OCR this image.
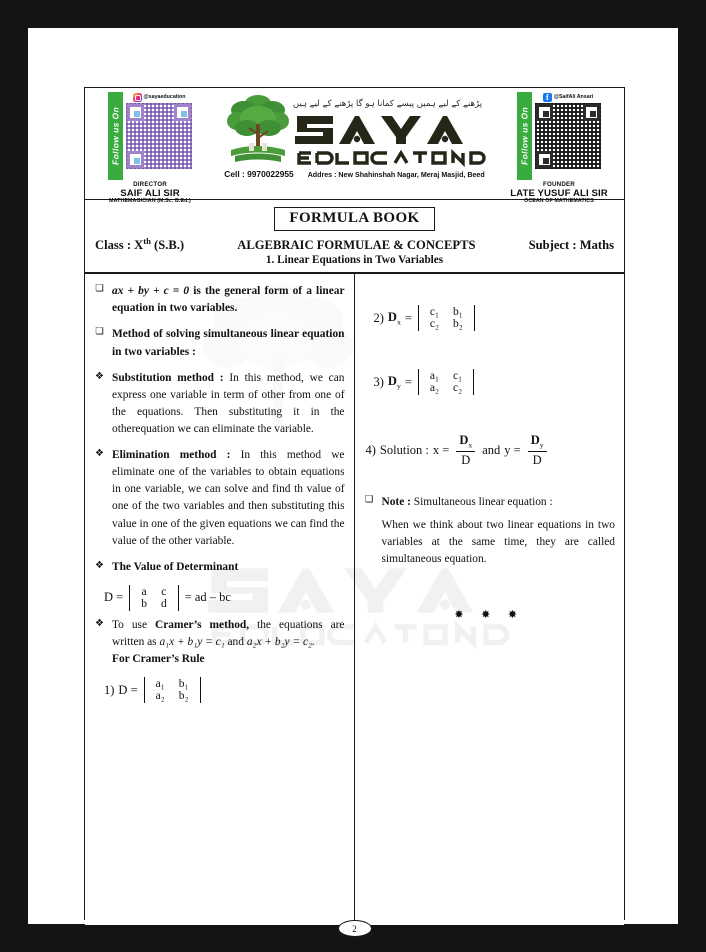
Follow us On
@sayaeducation
DIRECTOR
SAIF ALI SIR
MATHEMAGICIAN (M.Sc. B.Ed.)
پڑھنے کے لیے ہمیں پیسے کمانا ہو گا پڑھنے کے لیے ہیں
Cell : 9970022955 Addres : New Shahinshah Nagar, Meraj Masjid, Beed
Follow us On
f @SaifAli Ansari
FOUNDER
LATE YUSUF ALI SIR
OCEAN OF MATHEMATICS
FORMULA BOOK
Class : Xth (S.B.)	ALGEBRAIC FORMULAE & CONCEPTS	Subject : Maths
1. Linear Equations in Two Variables
❏ ax + by + c = 0 is the general form of a linear equation in two variables.
❏ Method of solving simultaneous linear equation in two variables :
❖ Substitution method : In this method, we can express one variable in term of other from one of the equations. Then substituting it in the otherequation we can eliminate the variable.
❖ Elimination method : In this method we eliminate one of the variables to obtain equations in one variable, we can solve and find th value of one of the two variables and then substituting this value in one of the given equations we can find the value of the other variable.
❖ The Value of Determinant
D = a	c
b	d = ad – bc
❖ To use Cramer’s method, the equations are written as a₁x + b₁y = c₁ and a₂x + b₂y = c₂.
For Cramer’s Rule
1) D = a₁	b₁
a₂	b₂
2) $D_x = c_1$	b₁
c₂	b₂
3) $D_y = a_1$	c₁
a₂	c₂
4) Solution : $x = \frac{D_x}{D}$ and $y = \frac{D_y}{D}$
❏ Note : Simultaneous linear equation :
When we think about two linear equations in two variables at the same time, they are called simultaneous equation.
✸ ✸ ✸
2
